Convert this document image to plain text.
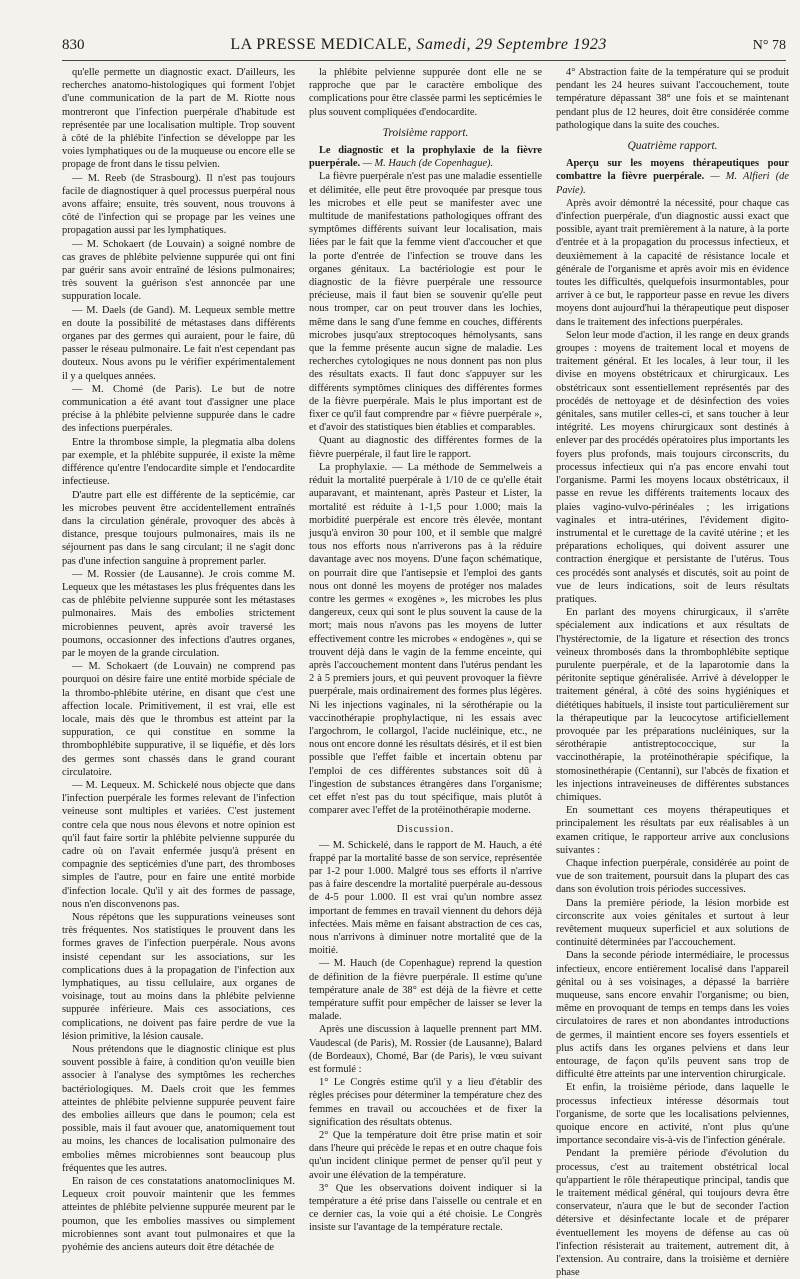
830	LA PRESSE MEDICALE, Samedi, 29 Septembre 1923	N° 78

qu'elle permette un diagnostic exact. D'ailleurs, les recherches anatomo-histologiques qui forment l'objet d'une communication de la part de M. Riotte nous montreront que l'infection puerpérale d'habitude est représentée par une localisation multiple. Trop souvent à côté de la phlébite l'infection se développe par les voies lymphatiques ou de la muqueuse ou encore elle se propage de front dans le tissu pelvien.

— M. Reeb (de Strasbourg). Il n'est pas toujours facile de diagnostiquer à quel processus puerpéral nous avons affaire; ensuite, très souvent, nous trouvons à côté de l'infection qui se propage par les veines une propagation aussi par les lymphatiques.

— M. Schokaert (de Louvain) a soigné nombre de cas graves de phlébite pelvienne suppurée qui ont fini par guérir sans avoir entraîné de lésions pulmonaires; très souvent la guérison s'est annoncée par une suppuration locale.

— M. Daels (de Gand). M. Lequeux semble mettre en doute la possibilité de métastases dans différents organes par des germes qui auraient, pour le faire, dû passer le réseau pulmonaire. Le fait n'est cependant pas douteux. Nous avons pu le vérifier expérimentalement il y a quelques années.

— M. Chomé (de Paris). Le but de notre communication a été avant tout d'assigner une place précise à la phlébite pelvienne suppurée dans le cadre des infections puerpérales.

Entre la thrombose simple, la plegmatia alba dolens par exemple, et la phlébite suppurée, il existe la même différence qu'entre l'endocardite simple et l'endocardite infectieuse.

D'autre part elle est différente de la septicémie, car les microbes peuvent être accidentellement entraînés dans la circulation générale, provoquer des abcès à distance, presque toujours pulmonaires, mais ils ne séjournent pas dans le sang circulant; il ne s'agit donc pas d'une infection sanguine à proprement parler.

— M. Rossier (de Lausanne). Je crois comme M. Lequeux que les métastases les plus fréquentes dans les cas de phlébite pelvienne suppurée sont les métastases pulmonaires. Mais des embolies strictement microbiennes peuvent, après avoir traversé les poumons, occasionner des infections d'autres organes, par le moyen de la grande circulation.

— M. Schokaert (de Louvain) ne comprend pas pourquoi on désire faire une entité morbide spéciale de la thrombo-phlébite utérine, en disant que c'est une affection locale. Primitivement, il est vrai, elle est locale, mais dès que le thrombus est atteint par la suppuration, ce qui constitue en somme la thrombophlébite suppurative, il se liquéfie, et dès lors des germes sont chassés dans le grand courant circulatoire.

— M. Lequeux. M. Schickelé nous objecte que dans l'infection puerpérale les formes relevant de l'infection veineuse sont multiples et variées. C'est justement contre cela que nous nous élevons et notre opinion est qu'il faut faire sortir la phlébite pelvienne suppurée du cadre où on l'avait enfermée jusqu'à présent en compagnie des septicémies d'une part, des thromboses simples de l'autre, pour en faire une entité morbide d'infection locale. Qu'il y ait des formes de passage, nous n'en disconvenons pas.

Nous répétons que les suppurations veineuses sont très fréquentes. Nos statistiques le prouvent dans les formes graves de l'infection puerpérale. Nous avons insisté cependant sur les associations, sur les complications dues à la propagation de l'infection aux lymphatiques, au tissu cellulaire, aux organes de voisinage, tout au moins dans la phlébite pelvienne suppurée inférieure. Mais ces associations, ces complications, ne doivent pas faire perdre de vue la lésion primitive, la lésion causale.

Nous prétendons que le diagnostic clinique est plus souvent possible à faire, à condition qu'on veuille bien associer à l'analyse des symptômes les recherches bactériologiques. M. Daels croit que les femmes atteintes de phlébite pelvienne suppurée peuvent faire des embolies ailleurs que dans le poumon; cela est possible, mais il faut avouer que, anatomiquement tout au moins, les chances de localisation pulmonaire des embolies mêmes microbiennes sont beaucoup plus fréquentes que les autres.

En raison de ces constatations anatomocliniques M. Lequeux croit pouvoir maintenir que les femmes atteintes de phlébite pelvienne suppurée meurent par le poumon, que les embolies massives ou simplement microbiennes sont avant tout pulmonaires et que la pyohémie des anciens auteurs doit être détachée de

la phlébite pelvienne suppurée dont elle ne se rapproche que par le caractère embolique des complications pour être classée parmi les septicémies le plus souvent compliquées d'endocardite.

Troisième rapport.

Le diagnostic et la prophylaxie de la fièvre puerpérale. — M. Hauch (de Copenhague).

La fièvre puerpérale n'est pas une maladie essentielle et délimitée, elle peut être provoquée par presque tous les microbes et elle peut se manifester avec une multitude de manifestations pathologiques offrant des symptômes différents suivant leur localisation, mais liées par le fait que la femme vient d'accoucher et que la porte d'entrée de l'infection se trouve dans les organes génitaux. La bactériologie est pour le diagnostic de la fièvre puerpérale une ressource précieuse, mais il faut bien se souvenir qu'elle peut nous tromper, car on peut trouver dans les lochies, même dans le sang d'une femme en couches, différents microbes jusqu'aux streptocoques hémolysants, sans que la femme présente aucun signe de maladie. Les recherches cytologiques ne nous donnent pas non plus des résultats exacts. Il faut donc s'appuyer sur les différents symptômes cliniques des différentes formes de la fièvre puerpérale. Mais le plus important est de fixer ce qu'il faut comprendre par « fièvre puerpérale », et d'avoir des statistiques bien établies et comparables.

Quant au diagnostic des différentes formes de la fièvre puerpérale, il faut lire le rapport.

La prophylaxie. — La méthode de Semmelweis a réduit la mortalité puerpérale à 1/10 de ce qu'elle était auparavant, et maintenant, après Pasteur et Lister, la mortalité est réduite à 1-1,5 pour 1.000; mais la morbidité puerpérale est encore très élevée, montant jusqu'à environ 30 pour 100, et il semble que malgré tous nos efforts nous n'arriverons pas à la réduire davantage avec nos moyens. D'une façon schématique, on pourrait dire que l'antisepsie et l'emploi des gants nous ont donné les moyens de protéger nos malades contre les germes « exogènes », les microbes les plus dangereux, ceux qui sont le plus souvent la cause de la mort; mais nous n'avons pas les moyens de lutter effectivement contre les microbes « endogènes », qui se trouvent déjà dans le vagin de la femme enceinte, qui après l'accouchement montent dans l'utérus pendant les 2 à 5 premiers jours, et qui peuvent provoquer la fièvre puerpérale, mais ordinairement des formes plus légères. Ni les injections vaginales, ni la sérothérapie ou la vaccinothérapie prophylactique, ni les essais avec l'argochrom, le collargol, l'acide nucléinique, etc., ne nous ont encore donné les résultats désirés, et il est bien possible que l'effet faible et incertain obtenu par l'emploi de ces différentes substances soit dû à l'ingestion de substances étrangères dans l'organisme; cet effet n'est pas du tout spécifique, mais plutôt à comparer avec l'effet de la protéinothérapie moderne.

Discussion.

— M. Schickelé, dans le rapport de M. Hauch, a été frappé par la mortalité basse de son service, représentée par 1-2 pour 1.000. Malgré tous ses efforts il n'arrive pas à faire descendre la mortalité puerpérale au-dessous de 4-5 pour 1.000. Il est vrai qu'un nombre assez important de femmes en travail viennent du dehors déjà infectées. Mais même en faisant abstraction de ces cas, nous n'arrivons à diminuer notre mortalité que de la moitié.

— M. Hauch (de Copenhague) reprend la question de définition de la fièvre puerpérale. Il estime qu'une température anale de 38° est déjà de la fièvre et cette température suffit pour empêcher de laisser se lever la malade.

Après une discussion à laquelle prennent part MM. Vaudescal (de Paris), M. Rossier (de Lausanne), Balard (de Bordeaux), Chomé, Bar (de Paris), le vœu suivant est formulé :

1° Le Congrès estime qu'il y a lieu d'établir des règles précises pour déterminer la température chez des femmes en travail ou accouchées et de fixer la signification des résultats obtenus.

2° Que la température doit être prise matin et soir dans l'heure qui précède le repas et en outre chaque fois qu'un incident clinique permet de penser qu'il peut y avoir une élévation de la température.

3° Que les observations doivent indiquer si la température a été prise dans l'aisselle ou centrale et en ce dernier cas, la voie qui a été choisie. Le Congrès insiste sur l'avantage de la température rectale.

4° Abstraction faite de la température qui se produit pendant les 24 heures suivant l'accouchement, toute température dépassant 38° une fois et se maintenant pendant plus de 12 heures, doit être considérée comme pathologique dans la suite des couches.

Quatrième rapport.

Aperçu sur les moyens thérapeutiques pour combattre la fièvre puerpérale. — M. Alfieri (de Pavie).

Après avoir démontré la nécessité, pour chaque cas d'infection puerpérale, d'un diagnostic aussi exact que possible, ayant trait premièrement à la nature, à la porte d'entrée et à la propagation du processus infectieux, et deuxièmement à la capacité de résistance locale et générale de l'organisme et après avoir mis en évidence toutes les difficultés, quelquefois insurmontables, pour arriver à ce but, le rapporteur passe en revue les divers moyens dont aujourd'hui la thérapeutique peut disposer dans le traitement des infections puerpérales.

Selon leur mode d'action, il les range en deux grands groupes : moyens de traitement local et moyens de traitement général. Et les locales, à leur tour, il les divise en moyens obstétricaux et chirurgicaux. Les obstétricaux sont essentiellement représentés par des procédés de nettoyage et de désinfection des voies génitales, sans mutiler celles-ci, et sans toucher à leur intégrité. Les moyens chirurgicaux sont destinés à enlever par des procédés opératoires plus importants les foyers plus profonds, mais toujours circonscrits, du processus infectieux qui n'a pas encore envahi tout l'organisme. Parmi les moyens locaux obstétricaux, il passe en revue les différents traitements locaux des plaies vagino-vulvo-périnéales ; les irrigations vaginales et intra-utérines, l'évidement digito-instrumental et le curettage de la cavité utérine ; et les préparations echoliques, qui doivent assurer une contraction énergique et persistante de l'utérus. Tous ces procédés sont analysés et discutés, soit au point de vue de leurs indications, soit de leurs résultats pratiques.

En parlant des moyens chirurgicaux, il s'arrête spécialement aux indications et aux résultats de l'hystérectomie, de la ligature et résection des troncs veineux thrombosés dans la thrombophlébite septique purulente puerpérale, et de la laparotomie dans la péritonite septique généralisée. Arrivé à développer le traitement général, à côté des soins hygiéniques et diététiques habituels, il insiste tout particulièrement sur la thérapeutique par la leucocytose artificiellement provoquée par les préparations nucléiniques, sur la sérothérapie antistreptococcique, sur la vaccinothérapie, la protéinothérapie spécifique, la stomosinethérapie (Centanni), sur l'abcès de fixation et les injections intraveineuses de différentes substances chimiques.

En soumettant ces moyens thérapeutiques et principalement les résultats par eux réalisables à un examen critique, le rapporteur arrive aux conclusions suivantes :

Chaque infection puerpérale, considérée au point de vue de son traitement, poursuit dans la plupart des cas dans son évolution trois périodes successives.

Dans la première période, la lésion morbide est circonscrite aux voies génitales et surtout à leur revêtement muqueux superficiel et aux solutions de continuité déterminées par l'accouchement.

Dans la seconde période intermédiaire, le processus infectieux, encore entièrement localisé dans l'appareil génital ou à ses voisinages, a dépassé la barrière muqueuse, sans encore envahir l'organisme; ou bien, même en provoquant de temps en temps dans les voies circulatoires de rares et non abondantes introductions de germes, il maintient encore ses foyers essentiels et plus actifs dans les organes pelviens et dans leur entourage, de façon qu'ils peuvent sans trop de difficulté être atteints par une intervention chirurgicale.

Et enfin, la troisième période, dans laquelle le processus infectieux intéresse désormais tout l'organisme, de sorte que les localisations pelviennes, quoique encore en activité, n'ont plus qu'une importance secondaire vis-à-vis de l'infection générale.

Pendant la première période d'évolution du processus, c'est au traitement obstétrical local qu'appartient le rôle thérapeutique principal, tandis que le traitement médical général, qui toujours devra être conservateur, n'aura que le but de seconder l'action détersive et désinfectante locale et de préparer éventuellement les moyens de défense au cas où l'infection résisterait au traitement, autrement dit, à l'extension. Au contraire, dans la troisième et dernière phase
